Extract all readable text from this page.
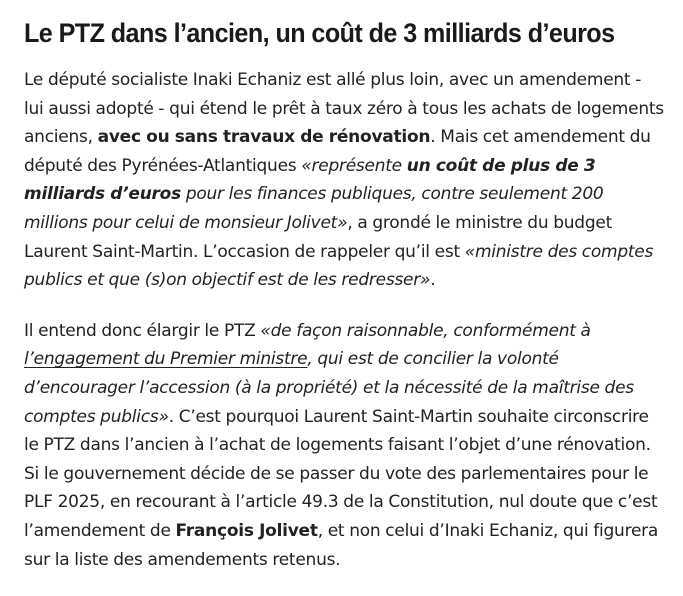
Le PTZ dans l’ancien, un coût de 3 milliards d’euros

Le député socialiste Inaki Echaniz est allé plus loin, avec un amendement - lui aussi adopté - qui étend le prêt à taux zéro à tous les achats de logements anciens, avec ou sans travaux de rénovation. Mais cet amendement du député des Pyrénées-Atlantiques «représente un coût de plus de 3 milliards d’euros pour les finances publiques, contre seulement 200 millions pour celui de monsieur Jolivet», a grondé le ministre du budget Laurent Saint-Martin. L’occasion de rappeler qu’il est «ministre des comptes publics et que (s)on objectif est de les redresser».

Il entend donc élargir le PTZ «de façon raisonnable, conformément à l’engagement du Premier ministre, qui est de concilier la volonté d’encourager l’accession (à la propriété) et la nécessité de la maîtrise des comptes publics». C’est pourquoi Laurent Saint-Martin souhaite circonscrire le PTZ dans l’ancien à l’achat de logements faisant l’objet d’une rénovation. Si le gouvernement décide de se passer du vote des parlementaires pour le PLF 2025, en recourant à l’article 49.3 de la Constitution, nul doute que c’est l’amendement de François Jolivet, et non celui d’Inaki Echaniz, qui figurera sur la liste des amendements retenus.
